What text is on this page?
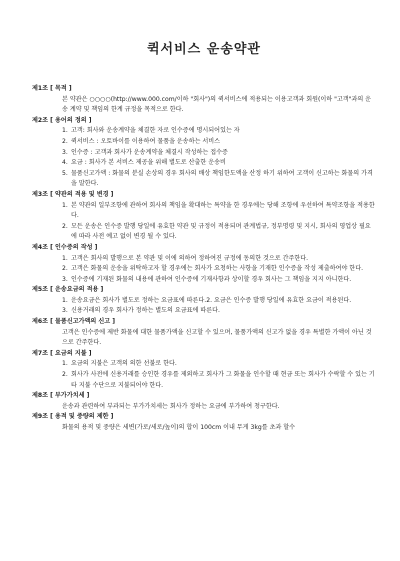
퀵서비스 운송약관
제1조 [ 목적 ]

본 약관은 ○○○○(http://www.000.com/이하 "회사")의 퀵서비스에 적용되는 이용고객과 회원(이하 "고객"과의 운송 계약 및 책임의 한계 규정을 목적으로 한다.

제2조 [ 용어의 정의 ]
1. 고객: 회사와 운송계약을 체결한 자로 인수증에 명시되어있는 자
2. 퀵서비스 : 오토바이를 이용하여 물품을 운송하는 서비스
3. 인수증 : 고객과 회사가 운송계약을 체결시 작성하는 접수증
4. 요금 : 회사가 본 서비스 제공을 위해 별도로 산출한 운송비
5. 물품신고가액 : 화물의 분실 손상의 경우 회사의 배상 책임한도액을 산정 하기 위하여 고객이 신고하는 화물의 가격 을 말한다.
제3조 [ 약관의 적용 및 변경 ]
1. 본 약관의 일부조항에 관하여 회사의 책임을 확대하는 특약을 한 경우에는 당해 조항에 우선하여 특약조항을 적용한다.
2. 모든 운송은 인수증 발행 당일에 유효한 약관 및 규정이 적용되며 관계법규, 정부명령 및 지시, 회사의 영업상 필요에 따라 사전 예고 없이 변경 될 수 있다.
제4조 [ 인수증의 작성 ]
1. 고객은 회사의 발행으로 본 약관 및 이에 의하여 정하여진 규정에 동의한 것으로 간주한다.
2. 고객은 화물의 운송을 위탁하고자 할 경우에는 회사가 요청하는 사항을 기재한 인수증을 작성 제출하여야 한다.
3. 인수증에 기재된 화물의 내용에 관하여 인수증에 기재사항과 상이할 경우 회사는 그 책임을 지지 아니한다.
제5조 [ 운송요금의 적용 ]
1. 운송요금은 회사가 별도로 정하는 요금표에 따른다.2. 요금은 인수증 발행 당일에 유효한 요금이 적용된다.
3. 신용거래의 경우 회사가 정하는 별도의 요금표에 따른다.
제6조 [ 물품신고가액의 신고 ]

고객은 인수증에 제반 화물에 대한 물품가액을 신고할 수 있으며, 물품가액의 신고가 없을 경우 특별한 가액이 아닌 것으로 간주한다.

제7조 [ 요금의 지불 ]
1. 요금의 지불은 고객의 의한 선불로 한다.
2. 회사가 사전에 신용거래를 승인한 경우를 제외하고 회사가 그 화물을 인수할 때 현금 또는 회사가 수락할 수 있는 기타 지불 수단으로 지불되어야 한다.
제8조 [ 부가가치세 ]

운송과 관련하여 부과되는 부가가치세는 회사가 정하는 요금에 부가하여 청구한다.

제9조 [ 용적 및 중량의 제한 ]

화물의 용적 및 중량은 세변(가로/세로/높이)의 합이 100cm 이내 무게 3kg를 초과 할수
